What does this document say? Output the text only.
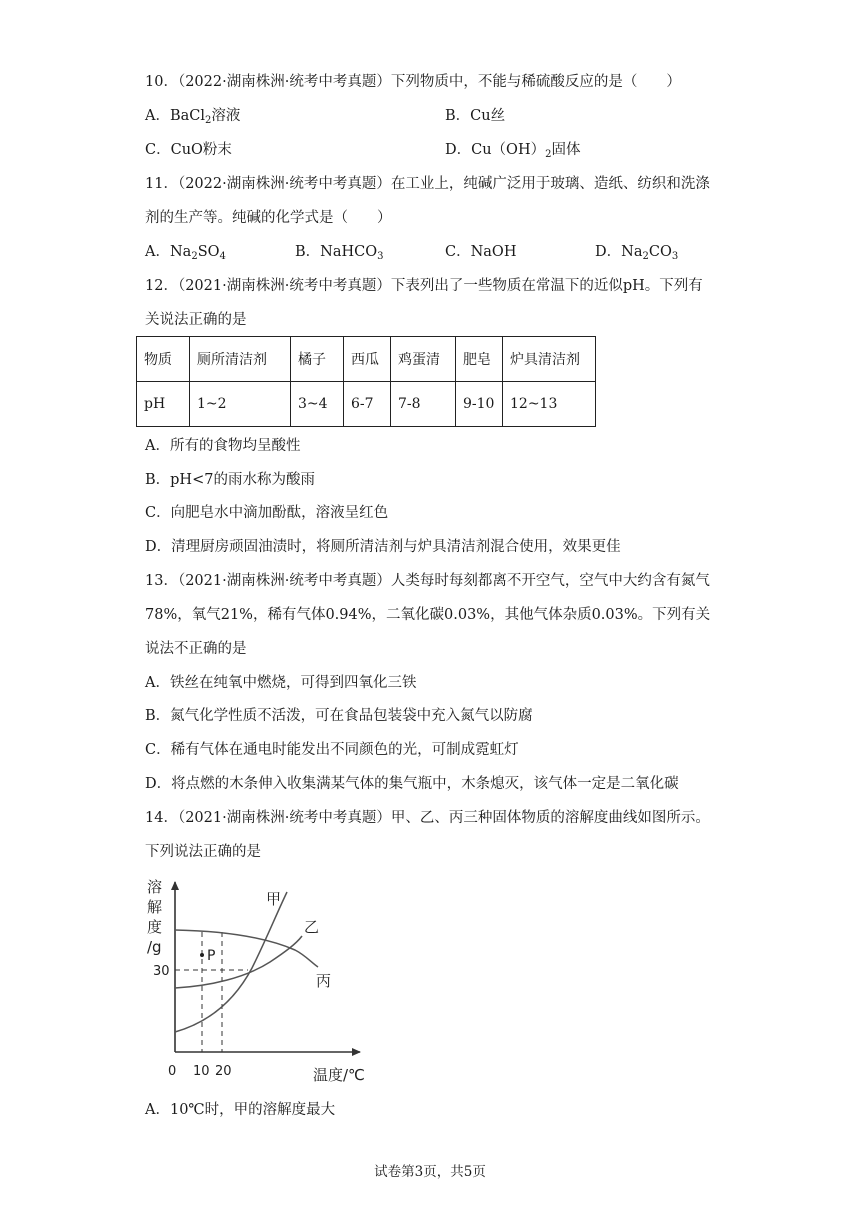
10．（2022·湖南株洲·统考中考真题）下列物质中，不能与稀硫酸反应的是（　　）
A．BaCl$_2$溶液	B．Cu丝
C．CuO粉末	D．$Cu(OH)_2$固体
11．（2022·湖南株洲·统考中考真题）在工业上，纯碱广泛用于玻璃、造纸、纺织和洗涤
剂的生产等。纯碱的化学式是（　　）
A．$Na_2SO_4$	B．NaHCO$_3$	C．NaOH	D．$Na_2CO_3$
12．（2021·湖南株洲·统考中考真题）下表列出了一些物质在常温下的近似pH。下列有
关说法正确的是
物质	厕所清洁剂	橘子	西瓜	鸡蛋清	肥皂	炉具清洁剂
pH	1~2	3~4	6-7	7-8	9-10	12~13
A．所有的食物均呈酸性
B．pH<7的雨水称为酸雨
C．向肥皂水中滴加酚酞，溶液呈红色
D．清理厨房顽固油渍时，将厕所清洁剂与炉具清洁剂混合使用，效果更佳
13．（2021·湖南株洲·统考中考真题）人类每时每刻都离不开空气，空气中大约含有氮气
78%，氧气21%，稀有气体0.94%，二氧化碳0.03%，其他气体杂质0.03%。下列有关
说法不正确的是
A．铁丝在纯氧中燃烧，可得到四氧化三铁
B．氮气化学性质不活泼，可在食品包装袋中充入氮气以防腐
C．稀有气体在通电时能发出不同颜色的光，可制成霓虹灯
D．将点燃的木条伸入收集满某气体的集气瓶中，木条熄灭，该气体一定是二氧化碳
14．（2021·湖南株洲·统考中考真题）甲、乙、丙三种固体物质的溶解度曲线如图所示。
下列说法正确的是
P
溶
解
度
/g
30
0 10 20	温度/℃
甲
乙
丙
A．10℃时，甲的溶解度最大
试卷第3页，共5页
